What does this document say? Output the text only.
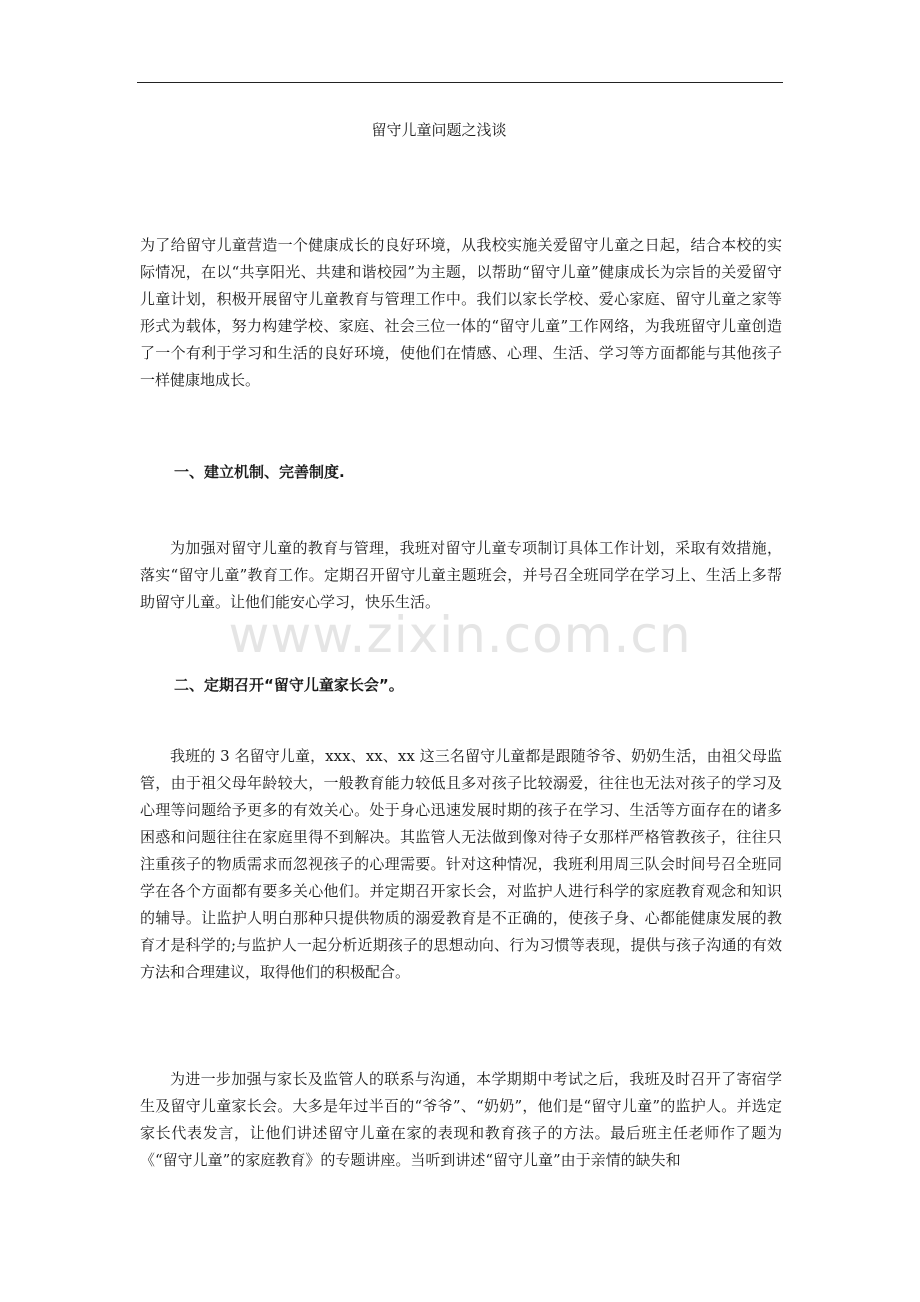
留守儿童问题之浅谈

为了给留守儿童营造一个健康成长的良好环境，从我校实施关爱留守儿童之日起，结合本校的实际情况，在以“共享阳光、共建和谐校园”为主题，以帮助“留守儿童”健康成长为宗旨的关爱留守儿童计划，积极开展留守儿童教育与管理工作中。我们以家长学校、爱心家庭、留守儿童之家等形式为载体，努力构建学校、家庭、社会三位一体的“留守儿童”工作网络，为我班留守儿童创造了一个有利于学习和生活的良好环境，使他们在情感、心理、生活、学习等方面都能与其他孩子一样健康地成长。

一、建立机制、完善制度.

为加强对留守儿童的教育与管理，我班对留守儿童专项制订具体工作计划，采取有效措施，落实“留守儿童”教育工作。定期召开留守儿童主题班会，并号召全班同学在学习上、生活上多帮助留守儿童。让他们能安心学习，快乐生活。

www.zixin.com.cn

二、定期召开“留守儿童家长会”。

我班的 3 名留守儿童，xxx、xx、xx 这三名留守儿童都是跟随爷爷、奶奶生活，由祖父母监管，由于祖父母年龄较大，一般教育能力较低且多对孩子比较溺爱，往往也无法对孩子的学习及心理等问题给予更多的有效关心。处于身心迅速发展时期的孩子在学习、生活等方面存在的诸多困惑和问题往往在家庭里得不到解决。其监管人无法做到像对待子女那样严格管教孩子，往往只注重孩子的物质需求而忽视孩子的心理需要。针对这种情况，我班利用周三队会时间号召全班同学在各个方面都有要多关心他们。并定期召开家长会，对监护人进行科学的家庭教育观念和知识的辅导。让监护人明白那种只提供物质的溺爱教育是不正确的，使孩子身、心都能健康发展的教育才是科学的;与监护人一起分析近期孩子的思想动向、行为习惯等表现，提供与孩子沟通的有效方法和合理建议，取得他们的积极配合。

为进一步加强与家长及监管人的联系与沟通，本学期期中考试之后，我班及时召开了寄宿学生及留守儿童家长会。大多是年过半百的“爷爷”、“奶奶”，他们是“留守儿童”的监护人。并选定家长代表发言，让他们讲述留守儿童在家的表现和教育孩子的方法。最后班主任老师作了题为《“留守儿童”的家庭教育》的专题讲座。当听到讲述“留守儿童”由于亲情的缺失和
